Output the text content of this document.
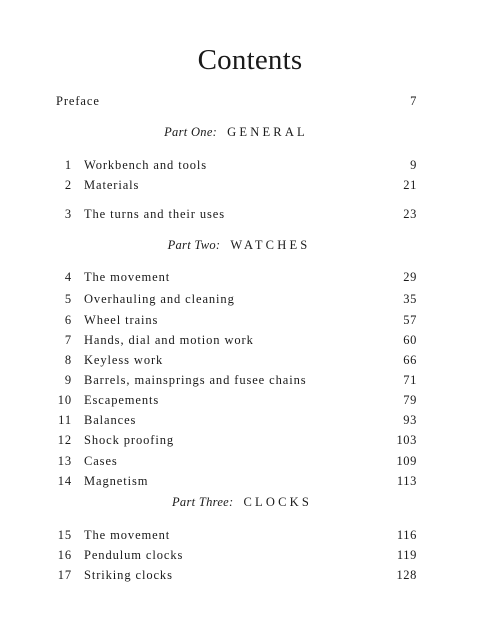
Contents
Preface	7
Part One: GENERAL
1 Workbench and tools	9
2 Materials	21
3 The turns and their uses	23
Part Two: WATCHES
4 The movement	29
5 Overhauling and cleaning	35
6 Wheel trains	57
7 Hands, dial and motion work	60
8 Keyless work	66
9 Barrels, mainsprings and fusee chains	71
10 Escapements	79
11 Balances	93
12 Shock proofing	103
13 Cases	109
14 Magnetism	113
Part Three: CLOCKS
15 The movement	116
16 Pendulum clocks	119
17 Striking clocks	128
